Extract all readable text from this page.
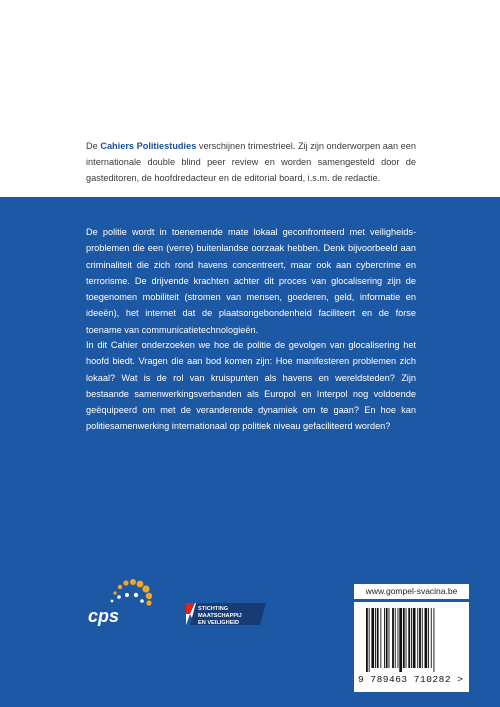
De Cahiers Politiestudies verschijnen trimestrieel. Zij zijn onderworpen aan een internationale double blind peer review en worden samengesteld door de gasteditoren, de hoofdredacteur en de editorial board, i.s.m. de redactie.

De politie wordt in toenemende mate lokaal geconfronteerd met veiligheidsproblemen die een (verre) buitenlandse oorzaak hebben. Denk bijvoorbeeld aan criminaliteit die zich rond havens concentreert, maar ook aan cybercrime en terrorisme. De drijvende krachten achter dit proces van glocalisering zijn de toegenomen mobiliteit (stromen van mensen, goederen, geld, informatie en ideeën), het internet dat de plaatsongebondenheid faciliteert en de forse toename van communicatietechnologieën.

In dit Cahier onderzoeken we hoe de politie de gevolgen van glocalisering het hoofd biedt. Vragen die aan bod komen zijn: Hoe manifesteren problemen zich lokaal? Wat is de rol van kruispunten als havens en wereldsteden? Zijn bestaande samenwerkingsverbanden als Europol en Interpol nog voldoende geëquipeerd om met de veranderende dynamiek om te gaan? En hoe kan politiesamenwerking internationaal op politiek niveau gefaciliteerd worden?

cps	STICHTING
MAATSCHAPPIJ
EN VEILIGHEID
www.gompel-svacina.be
9 789463 710282 >
